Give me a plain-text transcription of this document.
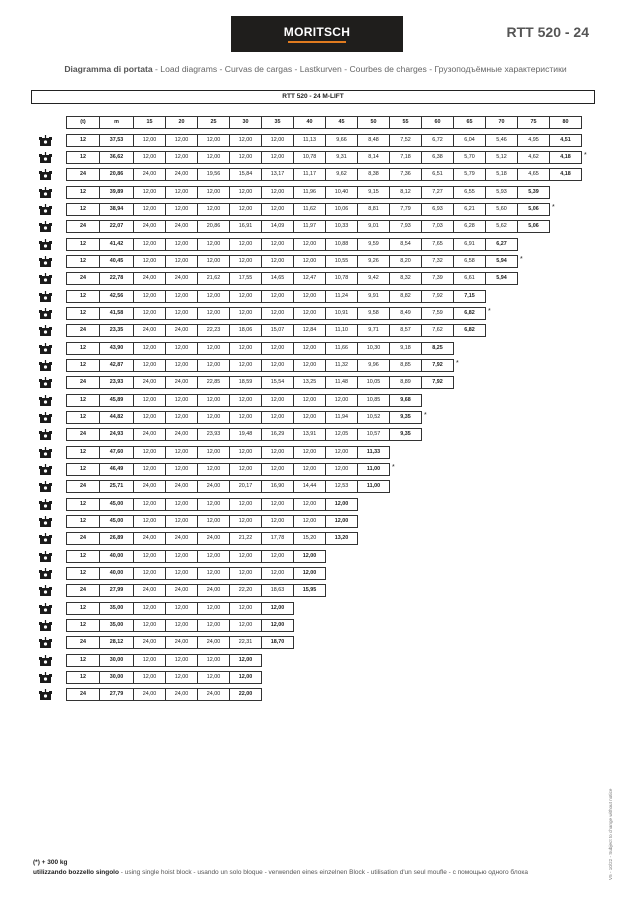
MORITSCH	RTT 520 - 24
Diagramma di portata - Load diagrams - Curvas de cargas - Lastkurven - Courbes de charges - Грузоподъёмные характеристики
RTT 520 - 24 M-LIFT
(t)	m	15	20	25	30	35	40	45	50	55	60	65	70	75	80
12	37,53	12,00	12,00	12,00	12,00	12,00	11,13	9,66	8,48	7,52	6,72	6,04	5,46	4,95	4,51
12	36,62	12,00	12,00	12,00	12,00	12,00	10,78	9,31	8,14	7,18	6,38	5,70	5,12	4,62	4,18	*
24	20,86	24,00	24,00	19,56	15,84	13,17	11,17	9,62	8,38	7,36	6,51	5,79	5,18	4,65	4,18
12	39,89	12,00	12,00	12,00	12,00	12,00	11,96	10,40	9,15	8,12	7,27	6,55	5,93	5,39
12	38,94	12,00	12,00	12,00	12,00	12,00	11,62	10,06	8,81	7,79	6,93	6,21	5,60	5,06	*
24	22,07	24,00	24,00	20,86	16,91	14,09	11,97	10,33	9,01	7,93	7,03	6,28	5,62	5,06
12	41,42	12,00	12,00	12,00	12,00	12,00	12,00	10,88	9,59	8,54	7,65	6,91	6,27
12	40,45	12,00	12,00	12,00	12,00	12,00	12,00	10,55	9,26	8,20	7,32	6,58	5,94	*
24	22,78	24,00	24,00	21,62	17,55	14,65	12,47	10,78	9,42	8,32	7,39	6,61	5,94
12	42,56	12,00	12,00	12,00	12,00	12,00	12,00	11,24	9,91	8,82	7,92	7,15
12	41,58	12,00	12,00	12,00	12,00	12,00	12,00	10,91	9,58	8,49	7,59	6,82	*
24	23,35	24,00	24,00	22,23	18,06	15,07	12,84	11,10	9,71	8,57	7,62	6,82
12	43,90	12,00	12,00	12,00	12,00	12,00	12,00	11,66	10,30	9,18	8,25
12	42,87	12,00	12,00	12,00	12,00	12,00	12,00	11,32	9,96	8,85	7,92	*
24	23,93	24,00	24,00	22,85	18,59	15,54	13,25	11,48	10,05	8,89	7,92
12	45,89	12,00	12,00	12,00	12,00	12,00	12,00	12,00	10,85	9,68
12	44,82	12,00	12,00	12,00	12,00	12,00	12,00	11,94	10,52	9,35	*
24	24,93	24,00	24,00	23,93	19,48	16,29	13,91	12,05	10,57	9,35
12	47,60	12,00	12,00	12,00	12,00	12,00	12,00	12,00	11,33
12	46,49	12,00	12,00	12,00	12,00	12,00	12,00	12,00	11,00	*
24	25,71	24,00	24,00	24,00	20,17	16,90	14,44	12,53	11,00
12	45,00	12,00	12,00	12,00	12,00	12,00	12,00	12,00
12	45,00	12,00	12,00	12,00	12,00	12,00	12,00	12,00
24	26,89	24,00	24,00	24,00	21,22	17,78	15,20	13,20
12	40,00	12,00	12,00	12,00	12,00	12,00	12,00
12	40,00	12,00	12,00	12,00	12,00	12,00	12,00
24	27,99	24,00	24,00	24,00	22,20	18,63	15,95
12	35,00	12,00	12,00	12,00	12,00	12,00
12	35,00	12,00	12,00	12,00	12,00	12,00
24	28,12	24,00	24,00	24,00	22,31	18,70
12	30,00	12,00	12,00	12,00	12,00
12	30,00	12,00	12,00	12,00	12,00
24	27,79	24,00	24,00	24,00	22,00
(*) + 300 kg
utilizzando bozzello singolo - using single hoist block - usando un solo bloque - verwenden eines einzelnen Block - utilisation d'un seul moufle - с помощью одного блока	V5 - 10/22 - Subject to change without notice
